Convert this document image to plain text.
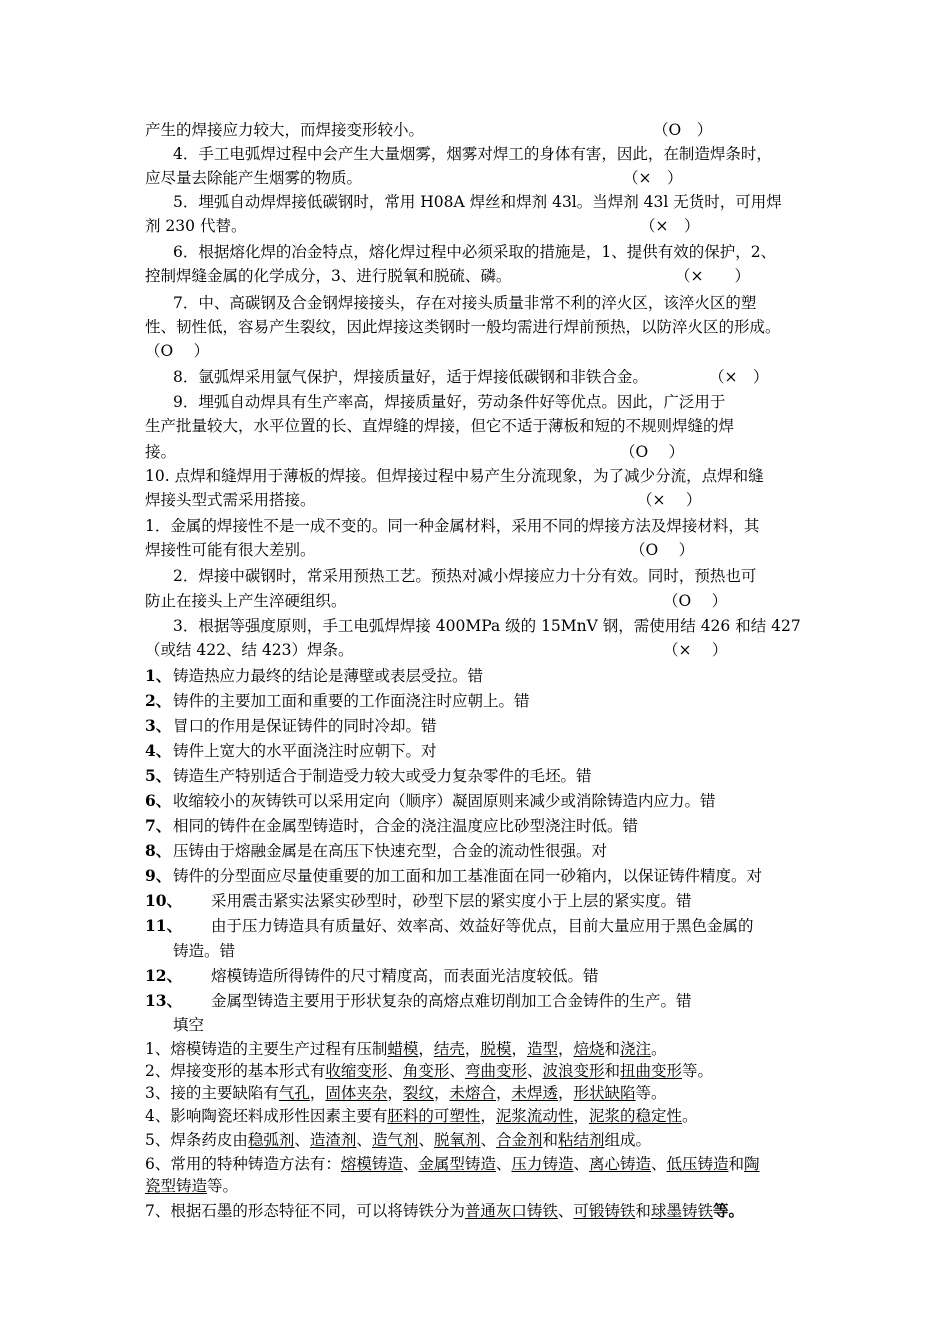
产生的焊接应力较大，而焊接变形较小。	（O　）
4．手工电弧焊过程中会产生大量烟雾，烟雾对焊工的身体有害，因此，在制造焊条时，
应尽量去除能产生烟雾的物质。	（×　）
5．埋弧自动焊焊接低碳钢时，常用 H08A 焊丝和焊剂 43l。当焊剂 43l 无货时，可用焊
剂 230 代替。	（×　）
6．根据熔化焊的冶金特点，熔化焊过程中必须采取的措施是，1、提供有效的保护，2、
控制焊缝金属的化学成分，3、进行脱氧和脱硫、磷。	（×　　）
7．中、高碳钢及合金钢焊接接头，存在对接头质量非常不利的淬火区，该淬火区的塑
性、韧性低，容易产生裂纹，因此焊接这类钢时一般均需进行焊前预热，以防淬火区的形成。
（O　 ）
8．氩弧焊采用氩气保护，焊接质量好，适于焊接低碳钢和非铁合金。	（×　）
9．埋弧自动焊具有生产率高，焊接质量好，劳动条件好等优点。因此，广泛用于
生产批量较大，水平位置的长、直焊缝的焊接，但它不适于薄板和短的不规则焊缝的焊
接。	（O　 ）
10. 点焊和缝焊用于薄板的焊接。但焊接过程中易产生分流现象，为了减少分流，点焊和缝
焊接头型式需采用搭接。	（×　 ）
1．金属的焊接性不是一成不变的。同一种金属材料，采用不同的焊接方法及焊接材料，其
焊接性可能有很大差别。	（O　 ）
2．焊接中碳钢时，常采用预热工艺。预热对减小焊接应力十分有效。同时，预热也可
防止在接头上产生淬硬组织。	（O　 ）
3．根据等强度原则，手工电弧焊焊接 400MPa 级的 15MnV 钢，需使用结 426 和结 427
（或结 422、结 423）焊条。	（×　 ）
1、 铸造热应力最终的结论是薄壁或表层受拉。错
2、 铸件的主要加工面和重要的工作面浇注时应朝上。错
3、 冒口的作用是保证铸件的同时冷却。错
4、 铸件上宽大的水平面浇注时应朝下。对
5、 铸造生产特别适合于制造受力较大或受力复杂零件的毛坯。错
6、 收缩较小的灰铸铁可以采用定向（顺序）凝固原则来减少或消除铸造内应力。错
7、 相同的铸件在金属型铸造时，合金的浇注温度应比砂型浇注时低。错
8、 压铸由于熔融金属是在高压下快速充型，合金的流动性很强。对
9、 铸件的分型面应尽量使重要的加工面和加工基准面在同一砂箱内，以保证铸件精度。对
10、 采用震击紧实法紧实砂型时，砂型下层的紧实度小于上层的紧实度。错
11、 由于压力铸造具有质量好、效率高、效益好等优点，目前大量应用于黑色金属的
铸造。错
12、 熔模铸造所得铸件的尺寸精度高，而表面光洁度较低。错
13、 金属型铸造主要用于形状复杂的高熔点难切削加工合金铸件的生产。错
填空
1、熔模铸造的主要生产过程有压制蜡模，结壳，脱模，造型，焙烧和浇注。
2、焊接变形的基本形式有收缩变形、角变形、弯曲变形、波浪变形和扭曲变形等。
3、接的主要缺陷有气孔，固体夹杂，裂纹，未熔合，未焊透，形状缺陷等。
4、影响陶瓷坯料成形性因素主要有胚料的可塑性，泥浆流动性，泥浆的稳定性。
5、焊条药皮由稳弧剂、造渣剂、造气剂、脱氧剂、合金剂和粘结剂组成。
6、常用的特种铸造方法有：熔模铸造、金属型铸造、压力铸造、离心铸造、低压铸造和陶
瓷型铸造等。
7、根据石墨的形态特征不同，可以将铸铁分为普通灰口铸铁、可锻铸铁和球墨铸铁等。
